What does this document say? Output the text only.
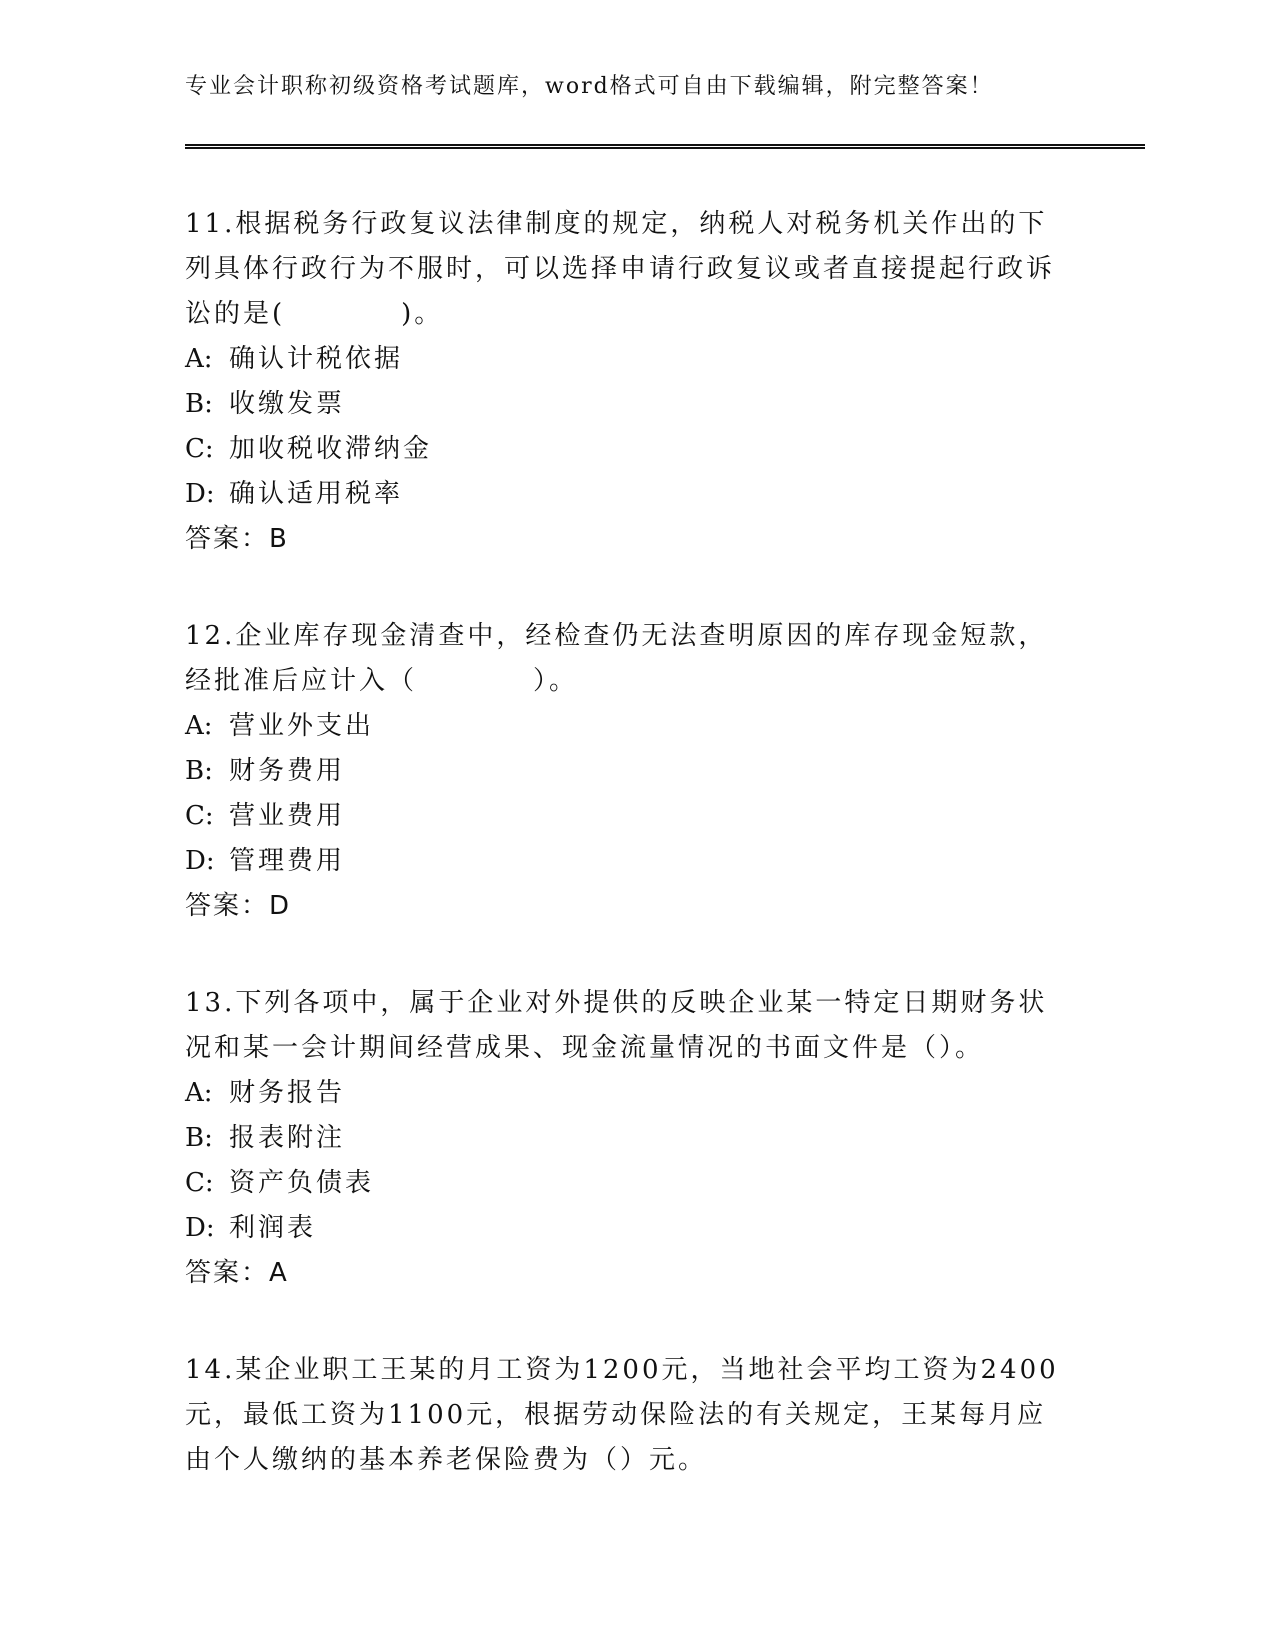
专业会计职称初级资格考试题库，word格式可自由下载编辑，附完整答案！

11.根据税务行政复议法律制度的规定，纳税人对税务机关作出的下列具体行政行为不服时，可以选择申请行政复议或者直接提起行政诉讼的是(　　　　)。

A: 确认计税依据
B: 收缴发票
C: 加收税收滞纳金
D: 确认适用税率
答案：B

12.企业库存现金清查中，经检查仍无法查明原因的库存现金短款，经批准后应计入（　　　　）。

A: 营业外支出
B: 财务费用
C: 营业费用
D: 管理费用
答案：D

13.下列各项中，属于企业对外提供的反映企业某一特定日期财务状况和某一会计期间经营成果、现金流量情况的书面文件是（）。

A: 财务报告
B: 报表附注
C: 资产负债表
D: 利润表
答案：A

14.某企业职工王某的月工资为1200元，当地社会平均工资为2400元，最低工资为1100元，根据劳动保险法的有关规定，王某每月应由个人缴纳的基本养老保险费为（）元。
